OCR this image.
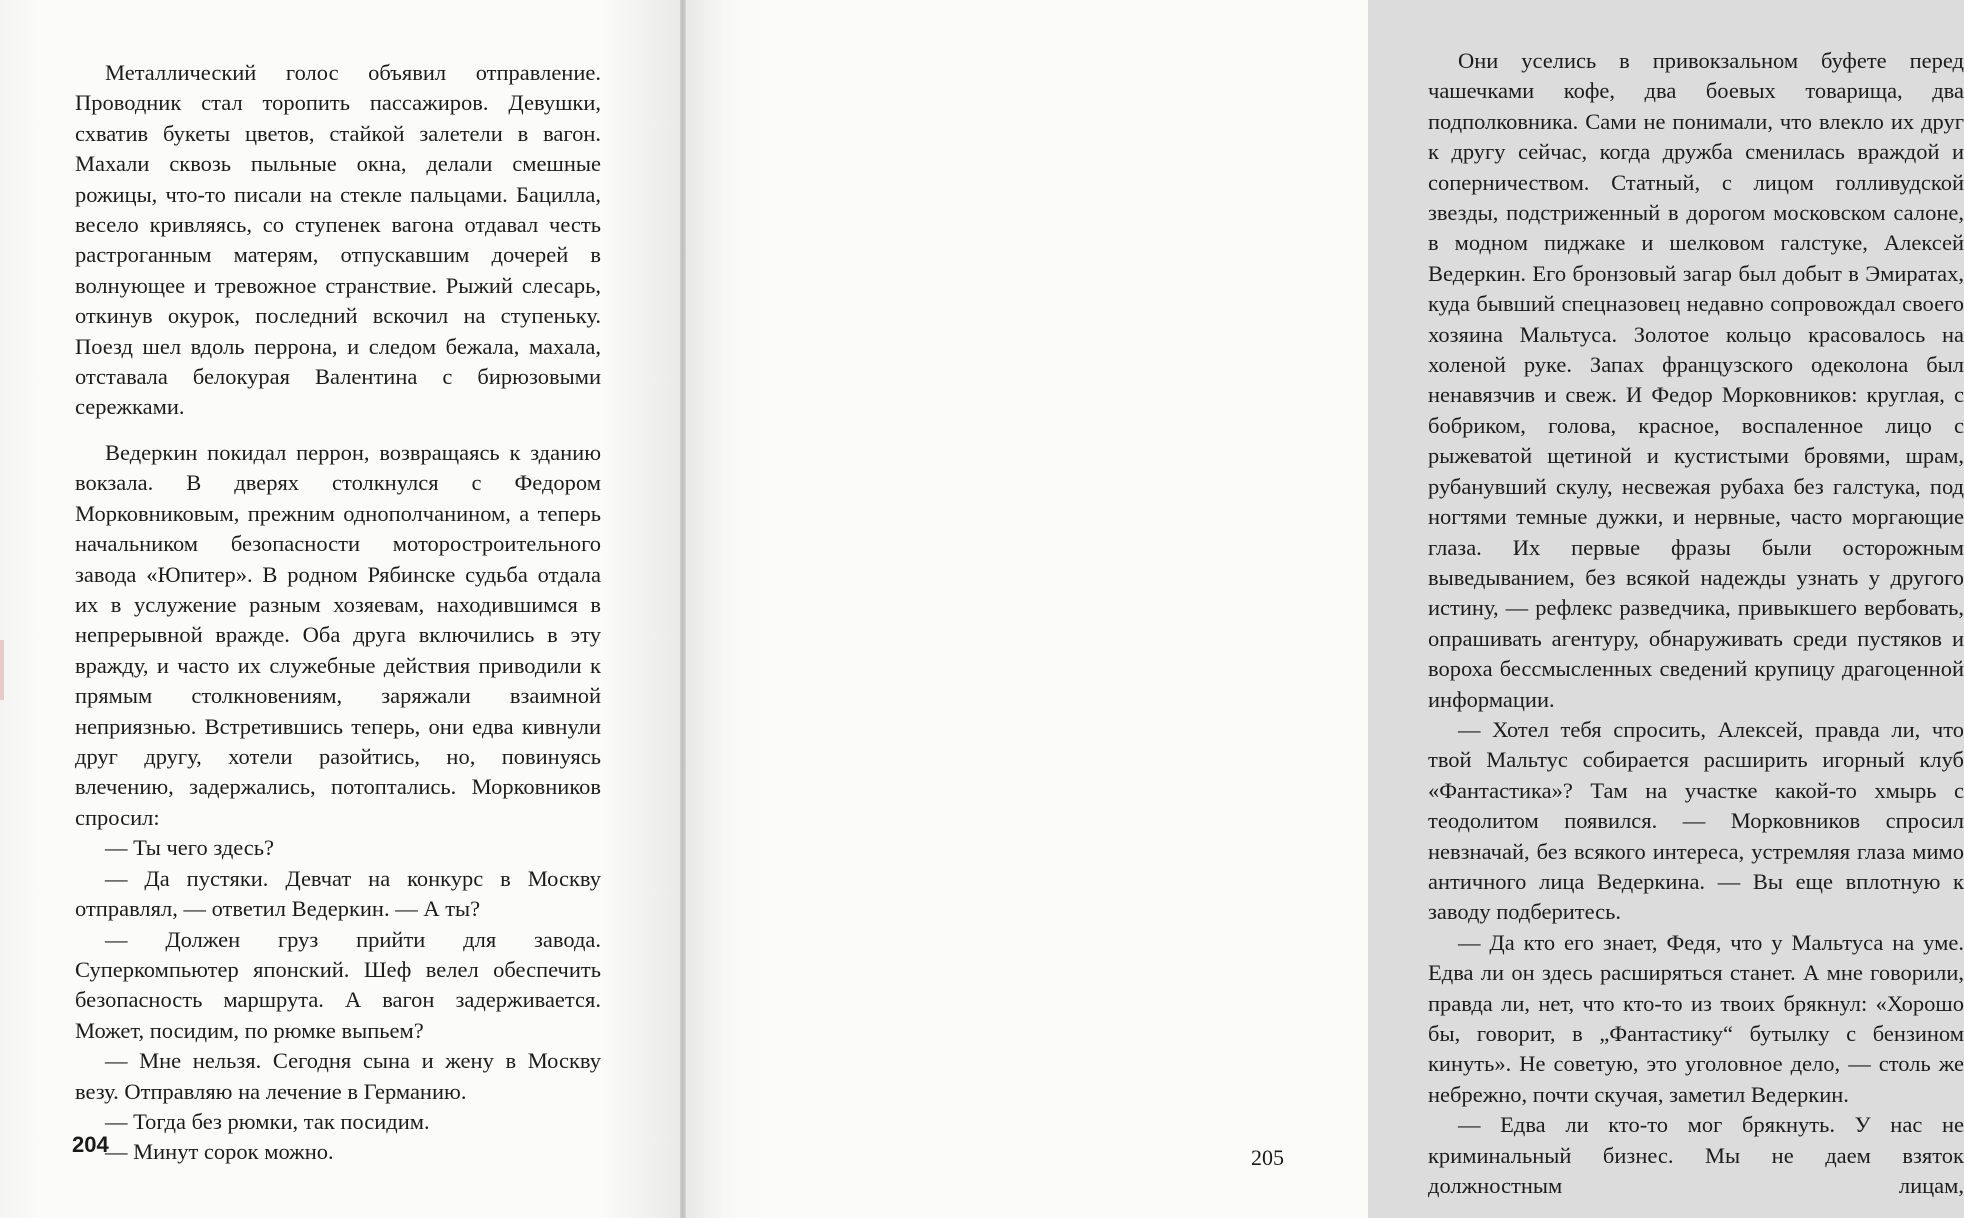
Металлический голос объявил отправление. Проводник стал торопить пассажиров. Девушки, схватив букеты цветов, стайкой залетели в вагон. Махали сквозь пыльные окна, делали смешные рожицы, что-то писали на стекле пальцами. Бацилла, весело кривляясь, со ступенек вагона отдавал честь растроганным матерям, отпускавшим дочерей в волнующее и тревожное странствие. Рыжий слесарь, откинув окурок, последний вскочил на ступеньку. Поезд шел вдоль перрона, и следом бежала, махала, отставала белокурая Валентина с бирюзовыми сережками.

Ведеркин покидал перрон, возвращаясь к зданию вокзала. В дверях столкнулся с Федором Морковниковым, прежним однополчанином, а теперь начальником безопасности моторостроительного завода «Юпитер». В родном Рябинске судьба отдала их в услужение разным хозяевам, находившимся в непрерывной вражде. Оба друга включились в эту вражду, и часто их служебные действия приводили к прямым столкновениям, заряжали взаимной неприязнью. Встретившись теперь, они едва кивнули друг другу, хотели разойтись, но, повинуясь влечению, задержались, потоптались. Морковников спросил:

— Ты чего здесь?

— Да пустяки. Девчат на конкурс в Москву отправлял, — ответил Ведеркин. — А ты?

— Должен груз прийти для завода. Суперкомпьютер японский. Шеф велел обеспечить безопасность маршрута. А вагон задерживается. Может, посидим, по рюмке выпьем?

— Мне нельзя. Сегодня сына и жену в Москву везу. Отправляю на лечение в Германию.

— Тогда без рюмки, так посидим.

— Минут сорок можно.

204

Они уселись в привокзальном буфете перед чашечками кофе, два боевых товарища, два подполковника. Сами не понимали, что влекло их друг к другу сейчас, когда дружба сменилась враждой и соперничеством. Статный, с лицом голливудской звезды, подстриженный в дорогом московском салоне, в модном пиджаке и шелковом галстуке, Алексей Ведеркин. Его бронзовый загар был добыт в Эмиратах, куда бывший спецназовец недавно сопровождал своего хозяина Мальтуса. Золотое кольцо красовалось на холеной руке. Запах французского одеколона был ненавязчив и свеж. И Федор Морковников: круглая, с бобриком, голова, красное, воспаленное лицо с рыжеватой щетиной и кустистыми бровями, шрам, рубанувший скулу, несвежая рубаха без галстука, под ногтями темные дужки, и нервные, часто моргающие глаза. Их первые фразы были осторожным выведыванием, без всякой надежды узнать у другого истину, — рефлекс разведчика, привыкшего вербовать, опрашивать агентуру, обнаруживать среди пустяков и вороха бессмысленных сведений крупицу драгоценной информации.

— Хотел тебя спросить, Алексей, правда ли, что твой Мальтус собирается расширить игорный клуб «Фантастика»? Там на участке какой-то хмырь с теодолитом появился. — Морковников спросил невзначай, без всякого интереса, устремляя глаза мимо античного лица Ведеркина. — Вы еще вплотную к заводу подберитесь.

— Да кто его знает, Федя, что у Мальтуса на уме. Едва ли он здесь расширяться станет. А мне говорили, правда ли, нет, что кто-то из твоих брякнул: «Хорошо бы, говорит, в „Фантастику“ бутылку с бензином кинуть». Не советую, это уголовное дело, — столь же небрежно, почти скучая, заметил Ведеркин.

— Едва ли кто-то мог брякнуть. У нас не криминальный бизнес. Мы не даем взяток должностным лицам,

205
